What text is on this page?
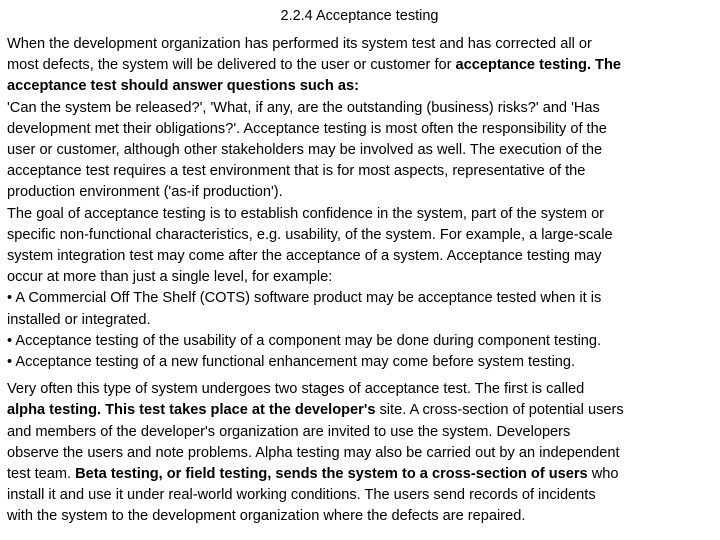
2.2.4 Acceptance testing
When the development organization has performed its system test and has corrected all or
most defects, the system will be delivered to the user or customer for acceptance testing. The
acceptance test should answer questions such as:
'Can the system be released?', 'What, if any, are the outstanding (business) risks?' and 'Has
development met their obligations?'. Acceptance testing is most often the responsibility of the
user or customer, although other stakeholders may be involved as well. The execution of the
acceptance test requires a test environment that is for most aspects, representative of the
production environment ('as-if production').
The goal of acceptance testing is to establish confidence in the system, part of the system or
specific non-functional characteristics, e.g. usability, of the system. For example, a large-scale
system integration test may come after the acceptance of a system. Acceptance testing may
occur at more than just a single level, for example:
• A Commercial Off The Shelf (COTS) software product may be acceptance tested when it is
installed or integrated.
• Acceptance testing of the usability of a component may be done during component testing.
• Acceptance testing of a new functional enhancement may come before system testing.
Very often this type of system undergoes two stages of acceptance test. The first is called
alpha testing. This test takes place at the developer's site. A cross-section of potential users
and members of the developer's organization are invited to use the system. Developers
observe the users and note problems. Alpha testing may also be carried out by an independent
test team. Beta testing, or field testing, sends the system to a cross-section of users who
install it and use it under real-world working conditions. The users send records of incidents
with the system to the development organization where the defects are repaired.
